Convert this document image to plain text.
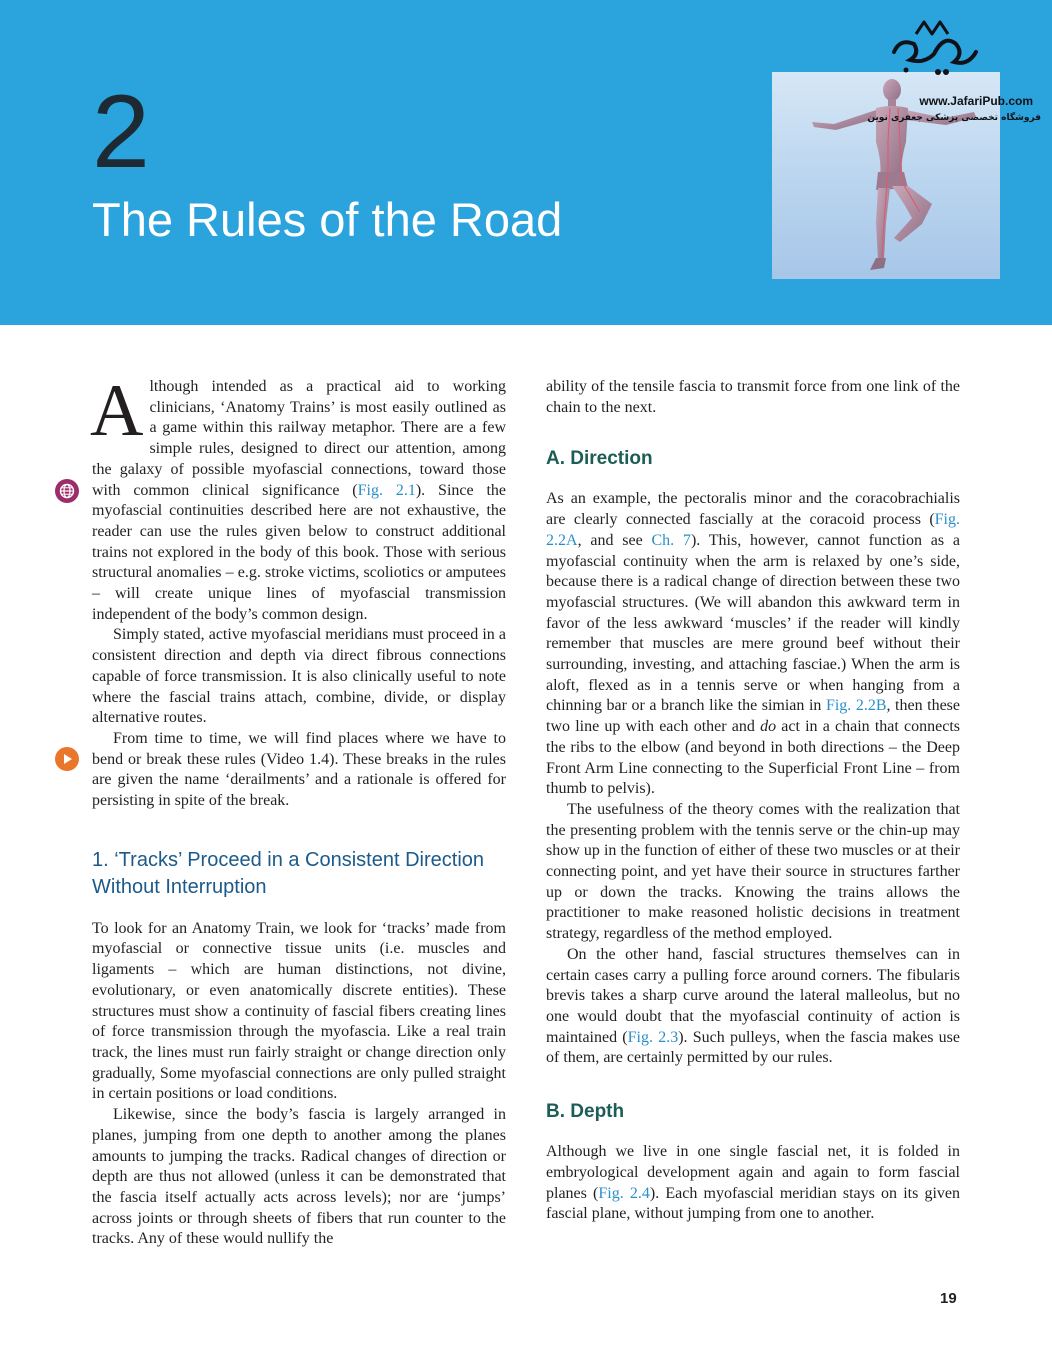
2
The Rules of the Road
www.JafariPub.com
فروشگاه تخصصی پزشکی جعفری نوین

Although intended as a practical aid to working clinicians, ‘Anatomy Trains’ is most easily outlined as a game within this railway metaphor. There are a few simple rules, designed to direct our attention, among the galaxy of possible myofascial connections, toward those with common clinical significance (Fig. 2.1). Since the myofascial continuities described here are not exhaustive, the reader can use the rules given below to construct additional trains not explored in the body of this book. Those with serious structural anomalies – e.g. stroke victims, scoliotics or amputees – will create unique lines of myofascial transmission independent of the body’s common design.

Simply stated, active myofascial meridians must proceed in a consistent direction and depth via direct fibrous connections capable of force transmission. It is also clinically useful to note where the fascial trains attach, combine, divide, or display alternative routes.

From time to time, we will find places where we have to bend or break these rules (Video 1.4). These breaks in the rules are given the name ‘derailments’ and a rationale is offered for persisting in spite of the break.

1. ‘Tracks’ Proceed in a Consistent Direction Without Interruption

To look for an Anatomy Train, we look for ‘tracks’ made from myofascial or connective tissue units (i.e. muscles and ligaments – which are human distinctions, not divine, evolutionary, or even anatomically discrete entities). These structures must show a continuity of fascial fibers creating lines of force transmission through the myofascia. Like a real train track, the lines must run fairly straight or change direction only gradually, Some myofascial connections are only pulled straight in certain positions or load conditions.

Likewise, since the body’s fascia is largely arranged in planes, jumping from one depth to another among the planes amounts to jumping the tracks. Radical changes of direction or depth are thus not allowed (unless it can be demonstrated that the fascia itself actually acts across levels); nor are ‘jumps’ across joints or through sheets of fibers that run counter to the tracks. Any of these would nullify the

ability of the tensile fascia to transmit force from one link of the chain to the next.

A. Direction

As an example, the pectoralis minor and the coracobrachialis are clearly connected fascially at the coracoid process (Fig. 2.2A, and see Ch. 7). This, however, cannot function as a myofascial continuity when the arm is relaxed by one’s side, because there is a radical change of direction between these two myofascial structures. (We will abandon this awkward term in favor of the less awkward ‘muscles’ if the reader will kindly remember that muscles are mere ground beef without their surrounding, investing, and attaching fasciae.) When the arm is aloft, flexed as in a tennis serve or when hanging from a chinning bar or a branch like the simian in Fig. 2.2B, then these two line up with each other and do act in a chain that connects the ribs to the elbow (and beyond in both directions – the Deep Front Arm Line connecting to the Superficial Front Line – from thumb to pelvis).

The usefulness of the theory comes with the realization that the presenting problem with the tennis serve or the chin-up may show up in the function of either of these two muscles or at their connecting point, and yet have their source in structures farther up or down the tracks. Knowing the trains allows the practitioner to make reasoned holistic decisions in treatment strategy, regardless of the method employed.

On the other hand, fascial structures themselves can in certain cases carry a pulling force around corners. The fibularis brevis takes a sharp curve around the lateral malleolus, but no one would doubt that the myofascial continuity of action is maintained (Fig. 2.3). Such pulleys, when the fascia makes use of them, are certainly permitted by our rules.

B. Depth

Although we live in one single fascial net, it is folded in embryological development again and again to form fascial planes (Fig. 2.4). Each myofascial meridian stays on its given fascial plane, without jumping from one to another.

19
